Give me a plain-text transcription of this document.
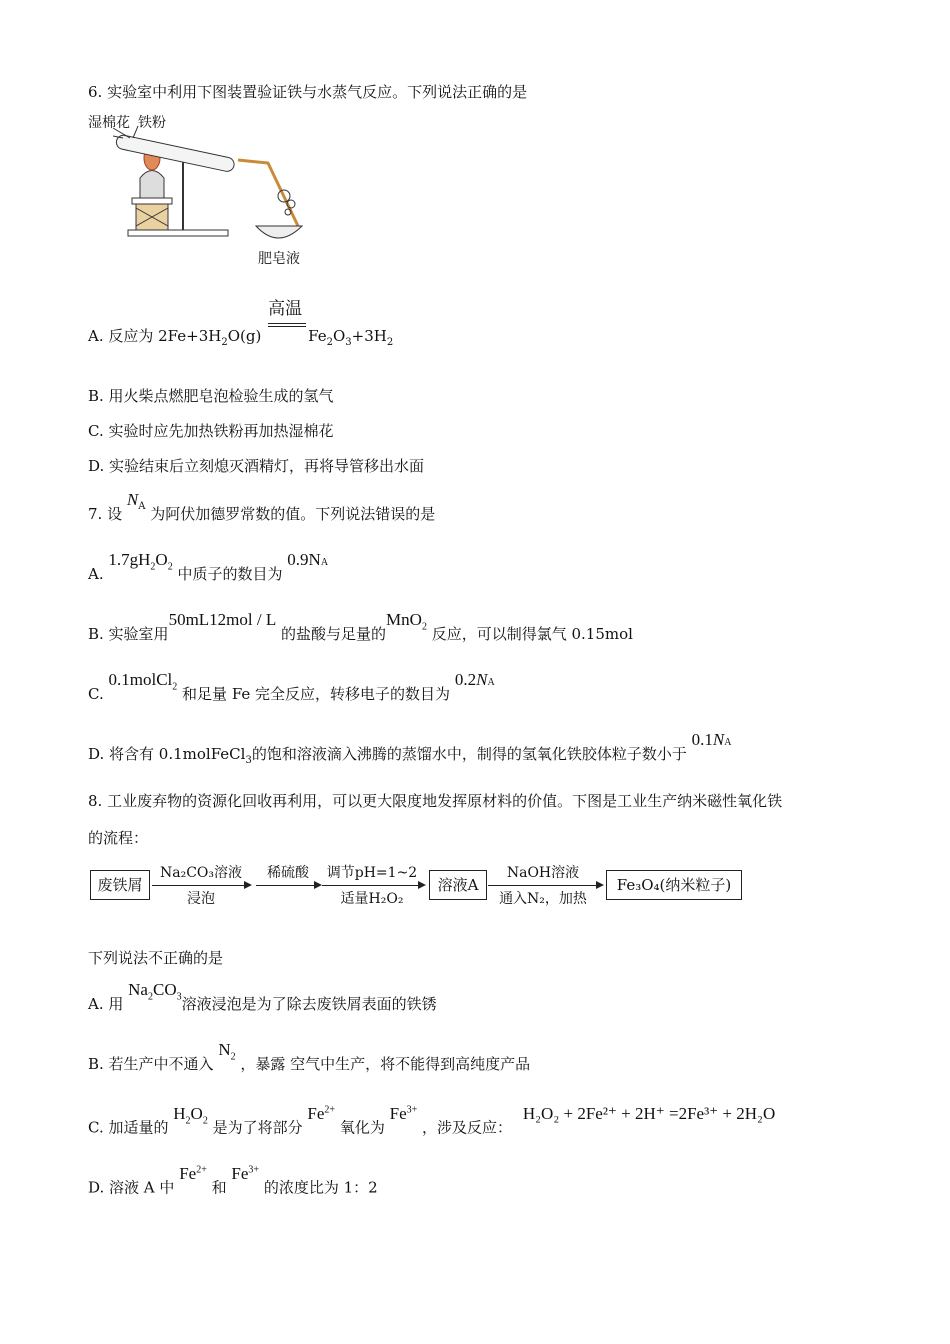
6. 实验室中利用下图装置验证铁与水蒸气反应。下列说法正确的是
湿棉花 铁粉
肥皂液
A. 反应为 $2Fe+3H_2O(g)$
高温
$Fe_2O_3+3H_2$
B. 用火柴点燃肥皂泡检验生成的氢气
C. 实验时应先加热铁粉再加热湿棉花
D. 实验结束后立刻熄灭酒精灯，再将导管移出水面
7. 设 $N^A$ 为阿伏加德罗常数的值。下列说法错误的是
A. $1.7gH_2O_2$ 中质子的数目为 0.9NA
B. 实验室用50mL12mol / L 的盐酸与足量的MnO$_2$ 反应，可以制得氯气 0.15mol
C. 0.1molCl$_2$ 和足量 Fe 完全反应，转移电子的数目为 0.2NA
D. 将含有 0.1molFeCl$_3$的饱和溶液滴入沸腾的蒸馏水中，制得的氢氧化铁胶体粒子数小于 0.1NA
8. 工业废弃物的资源化回收再利用，可以更大限度地发挥原材料的价值。下图是工业生产纳米磁性氧化铁
的流程：
废铁屑
Na₂CO₃溶液
浸泡
稀硫酸	调节pH=1~2
适量H₂O₂
溶液A
NaOH溶液
通入N₂，加热
Fe₃O₄(纳米粒子)
下列说法不正确的是
A. 用 $Na_2CO_3$溶液浸泡是为了除去废铁屑表面的铁锈
B. 若生产中不通入 $N_2$ ，暴露 空气中生产，将不能得到高纯度产品
C. 加适量的 $H_2O_2$ 是为了将部分 $Fe^{2+}$ 氧化为 $Fe^{3+}$ ，涉及反应： H₂O₂ + 2Fe²⁺ + 2H⁺ =2Fe³⁺ + 2H₂O
D. 溶液 A 中 $Fe^{2+}$ 和 $Fe^{3+}$ 的浓度比为 1：2
